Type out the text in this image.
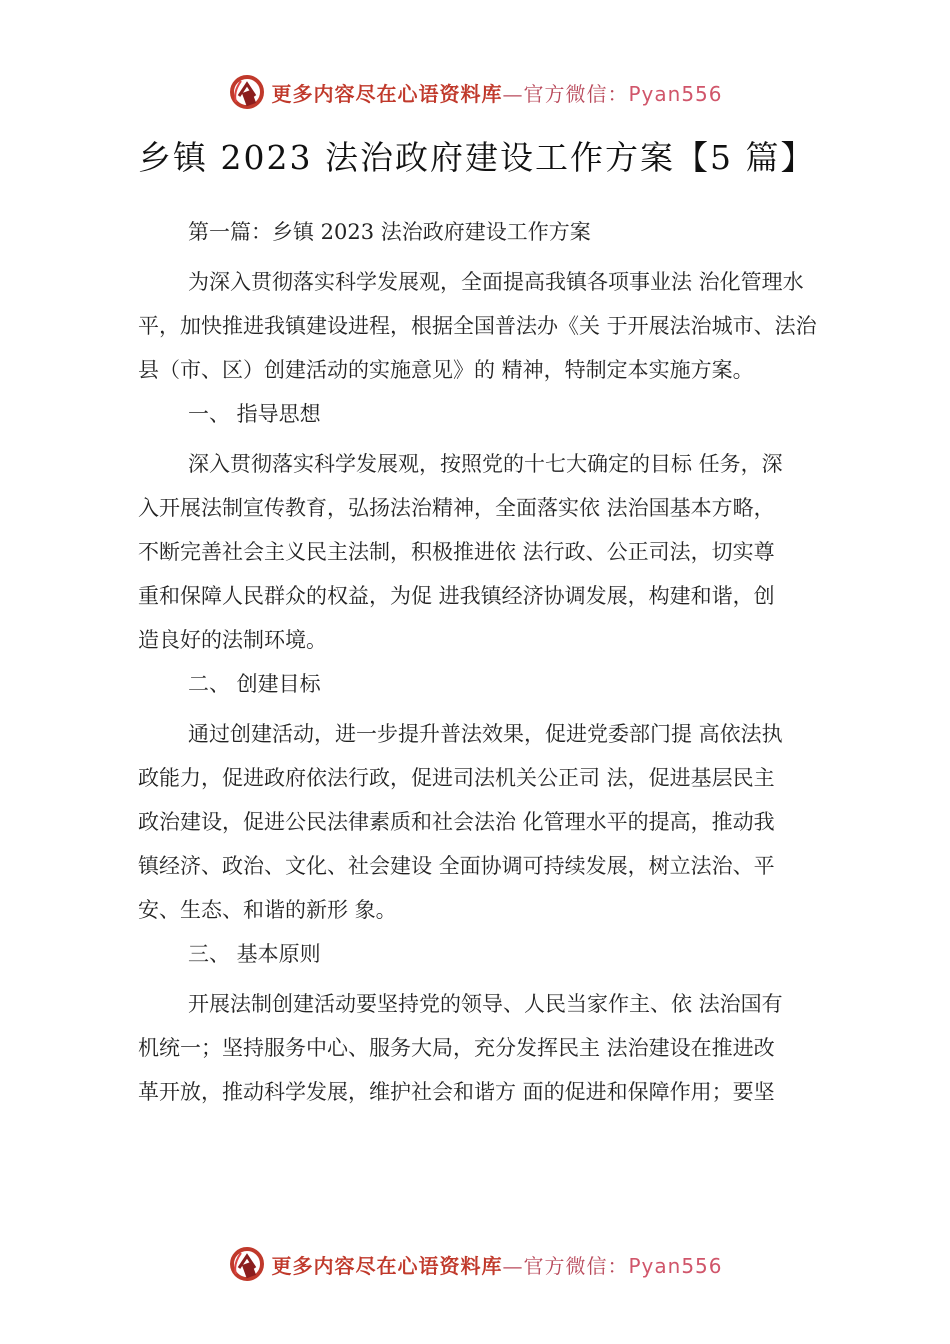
更多内容尽在心语资料库—官方微信：Pyan556
乡镇 2023 法治政府建设工作方案【5 篇】

第一篇：乡镇 2023 法治政府建设工作方案

为深入贯彻落实科学发展观，全面提高我镇各项事业法 治化管理水

平，加快推进我镇建设进程，根据全国普法办《关 于开展法治城市、法治

县（市、区）创建活动的实施意见》的 精神，特制定本实施方案。

一、 指导思想

深入贯彻落实科学发展观，按照党的十七大确定的目标 任务，深

入开展法制宣传教育，弘扬法治精神，全面落实依 法治国基本方略，

不断完善社会主义民主法制，积极推进依 法行政、公正司法，切实尊

重和保障人民群众的权益，为促 进我镇经济协调发展，构建和谐，创

造良好的法制环境。

二、 创建目标

通过创建活动，进一步提升普法效果，促进党委部门提 高依法执

政能力，促进政府依法行政，促进司法机关公正司 法，促进基层民主

政治建设，促进公民法律素质和社会法治 化管理水平的提高，推动我

镇经济、政治、文化、社会建设 全面协调可持续发展，树立法治、平

安、生态、和谐的新形 象。

三、 基本原则

开展法制创建活动要坚持党的领导、人民当家作主、依 法治国有

机统一；坚持服务中心、服务大局，充分发挥民主 法治建设在推进改

革开放，推动科学发展，维护社会和谐方 面的促进和保障作用；要坚

更多内容尽在心语资料库—官方微信：Pyan556
